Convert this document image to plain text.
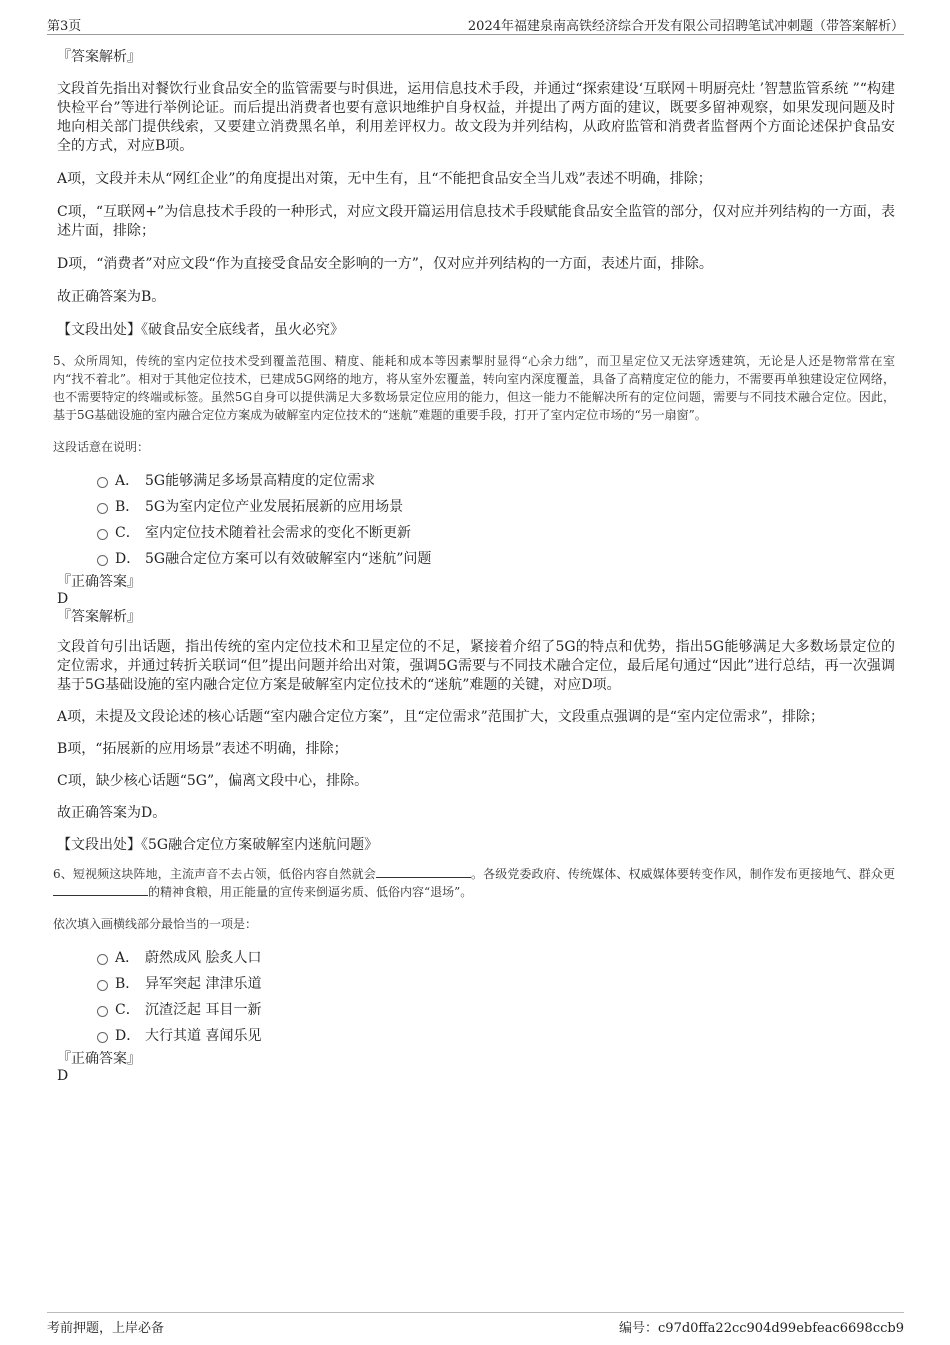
第3页	2024年福建泉南高铁经济综合开发有限公司招聘笔试冲刺题（带答案解析）
『答案解析』

文段首先指出对餐饮行业食品安全的监管需要与时俱进，运用信息技术手段，并通过“探索建设‘互联网＋明厨亮灶 ’智慧监管系统 ”“构建快检平台”等进行举例论证。而后提出消费者也要有意识地维护自身权益，并提出了两方面的建议，既要多留神观察，如果发现问题及时地向相关部门提供线索，又要建立消费黑名单，利用差评权力。故文段为并列结构，从政府监管和消费者监督两个方面论述保护食品安全的方式，对应B项。

A项，文段并未从“网红企业”的角度提出对策，无中生有，且“不能把食品安全当儿戏”表述不明确，排除；

C项，“互联网+”为信息技术手段的一种形式，对应文段开篇运用信息技术手段赋能食品安全监管的部分，仅对应并列结构的一方面，表述片面，排除；

D项，“消费者”对应文段“作为直接受食品安全影响的一方”，仅对应并列结构的一方面，表述片面，排除。

故正确答案为B。

【文段出处】《破食品安全底线者，虽火必究》

5、众所周知，传统的室内定位技术受到覆盖范围、精度、能耗和成本等因素掣肘显得“心余力绌”，而卫星定位又无法穿透建筑，无论是人还是物常常在室内“找不着北”。相对于其他定位技术，已建成5G网络的地方，将从室外宏覆盖，转向室内深度覆盖，具备了高精度定位的能力，不需要再单独建设定位网络，也不需要特定的终端或标签。虽然5G自身可以提供满足大多数场景定位应用的能力，但这一能力不能解决所有的定位问题，需要与不同技术融合定位。因此，基于5G基础设施的室内融合定位方案成为破解室内定位技术的“迷航”难题的重要手段，打开了室内定位市场的“另一扇窗”。

这段话意在说明：

A． 5G能够满足多场景高精度的定位需求
B． 5G为室内定位产业发展拓展新的应用场景
C． 室内定位技术随着社会需求的变化不断更新
D． 5G融合定位方案可以有效破解室内“迷航”问题
『正确答案』

D

『答案解析』

文段首句引出话题，指出传统的室内定位技术和卫星定位的不足，紧接着介绍了5G的特点和优势，指出5G能够满足大多数场景定位的定位需求，并通过转折关联词“但”提出问题并给出对策，强调5G需要与不同技术融合定位，最后尾句通过“因此”进行总结，再一次强调基于5G基础设施的室内融合定位方案是破解室内定位技术的“迷航”难题的关键，对应D项。

A项，未提及文段论述的核心话题“室内融合定位方案”，且“定位需求”范围扩大，文段重点强调的是“室内定位需求”，排除；

B项，“拓展新的应用场景”表述不明确，排除；

C项，缺少核心话题“5G”，偏离文段中心，排除。

故正确答案为D。

【文段出处】《5G融合定位方案破解室内迷航问题》

6、短视频这块阵地，主流声音不去占领，低俗内容自然就会	。各级党委政府、传统媒体、权威媒体要转变作风，制作发布更接地气、群众更的精神食粮，用正能量的宣传来倒逼劣质、低俗内容“退场”。

依次填入画横线部分最恰当的一项是：

A． 蔚然成风 脍炙人口
B． 异军突起 津津乐道
C． 沉渣泛起 耳目一新
D． 大行其道 喜闻乐见
『正确答案』

D

考前押题，上岸必备	编号：c97d0ffa22cc904d99ebfeac6698ccb9
